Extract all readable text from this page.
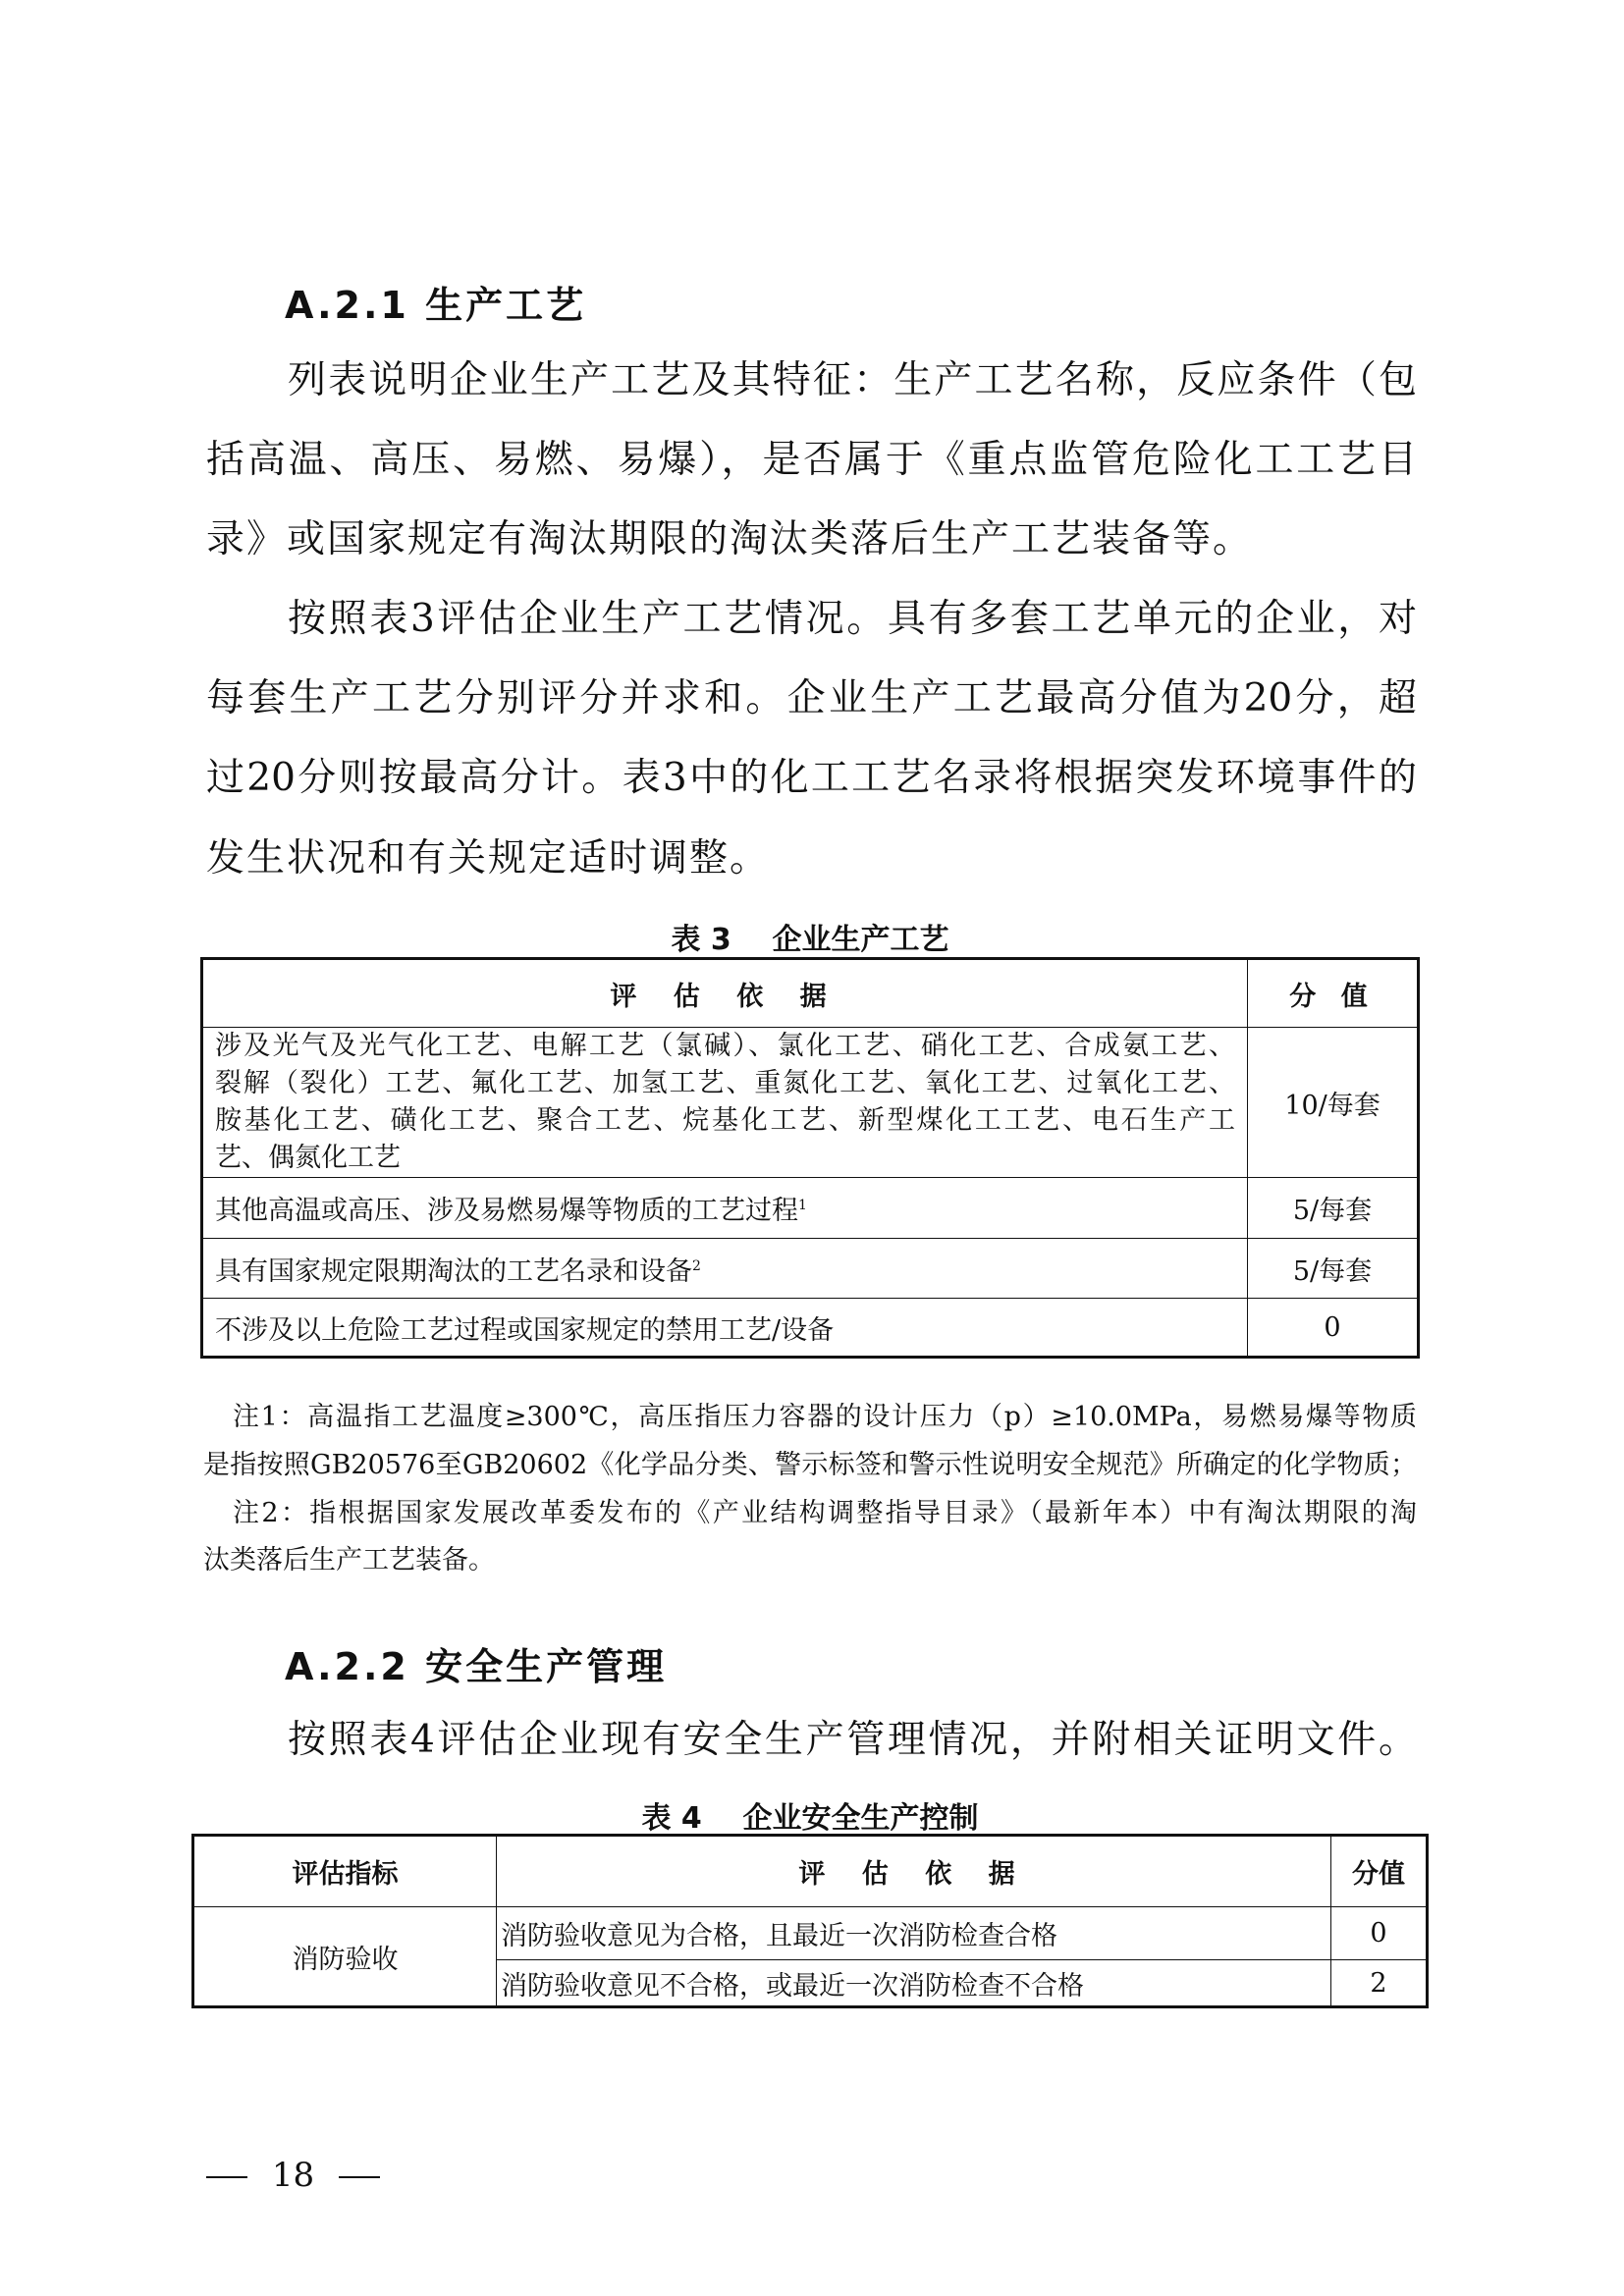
A.2.1 生产工艺
列表说明企业生产工艺及其特征：生产工艺名称，反应条件（包
括高温、高压、易燃、易爆），是否属于《重点监管危险化工工艺目
录》或国家规定有淘汰期限的淘汰类落后生产工艺装备等。
按照表3评估企业生产工艺情况。具有多套工艺单元的企业，对
每套生产工艺分别评分并求和。企业生产工艺最高分值为20分，超
过20分则按最高分计。表3中的化工工艺名录将根据突发环境事件的
发生状况和有关规定适时调整。
表 3    企业生产工艺
评 估 依 据	分 值

涉及光气及光气化工艺、电解工艺（氯碱）、氯化工艺、硝化工艺、合成氨工艺、
裂解（裂化）工艺、氟化工艺、加氢工艺、重氮化工艺、氧化工艺、过氧化工艺、
胺基化工艺、磺化工艺、聚合工艺、烷基化工艺、新型煤化工工艺、电石生产工
艺、偶氮化工艺	10/每套
其他高温或高压、涉及易燃易爆等物质的工艺过程$^1$	5/每套
具有国家规定限期淘汰的工艺名录和设备$^2$	5/每套
不涉及以上危险工艺过程或国家规定的禁用工艺/设备	0
注1：高温指工艺温度≥300℃，高压指压力容器的设计压力（p）≥10.0MPa，易燃易爆等物质
是指按照GB20576至GB20602《化学品分类、警示标签和警示性说明安全规范》所确定的化学物质；
注2：指根据国家发展改革委发布的《产业结构调整指导目录》（最新年本）中有淘汰期限的淘
汰类落后生产工艺装备。
A.2.2 安全生产管理
按照表4评估企业现有安全生产管理情况，并附相关证明文件。
表 4    企业安全生产控制
评估指标	评 估 依 据	分值
消防验收	消防验收意见为合格，且最近一次消防检查合格	0
	消防验收意见不合格，或最近一次消防检查不合格	2
18
